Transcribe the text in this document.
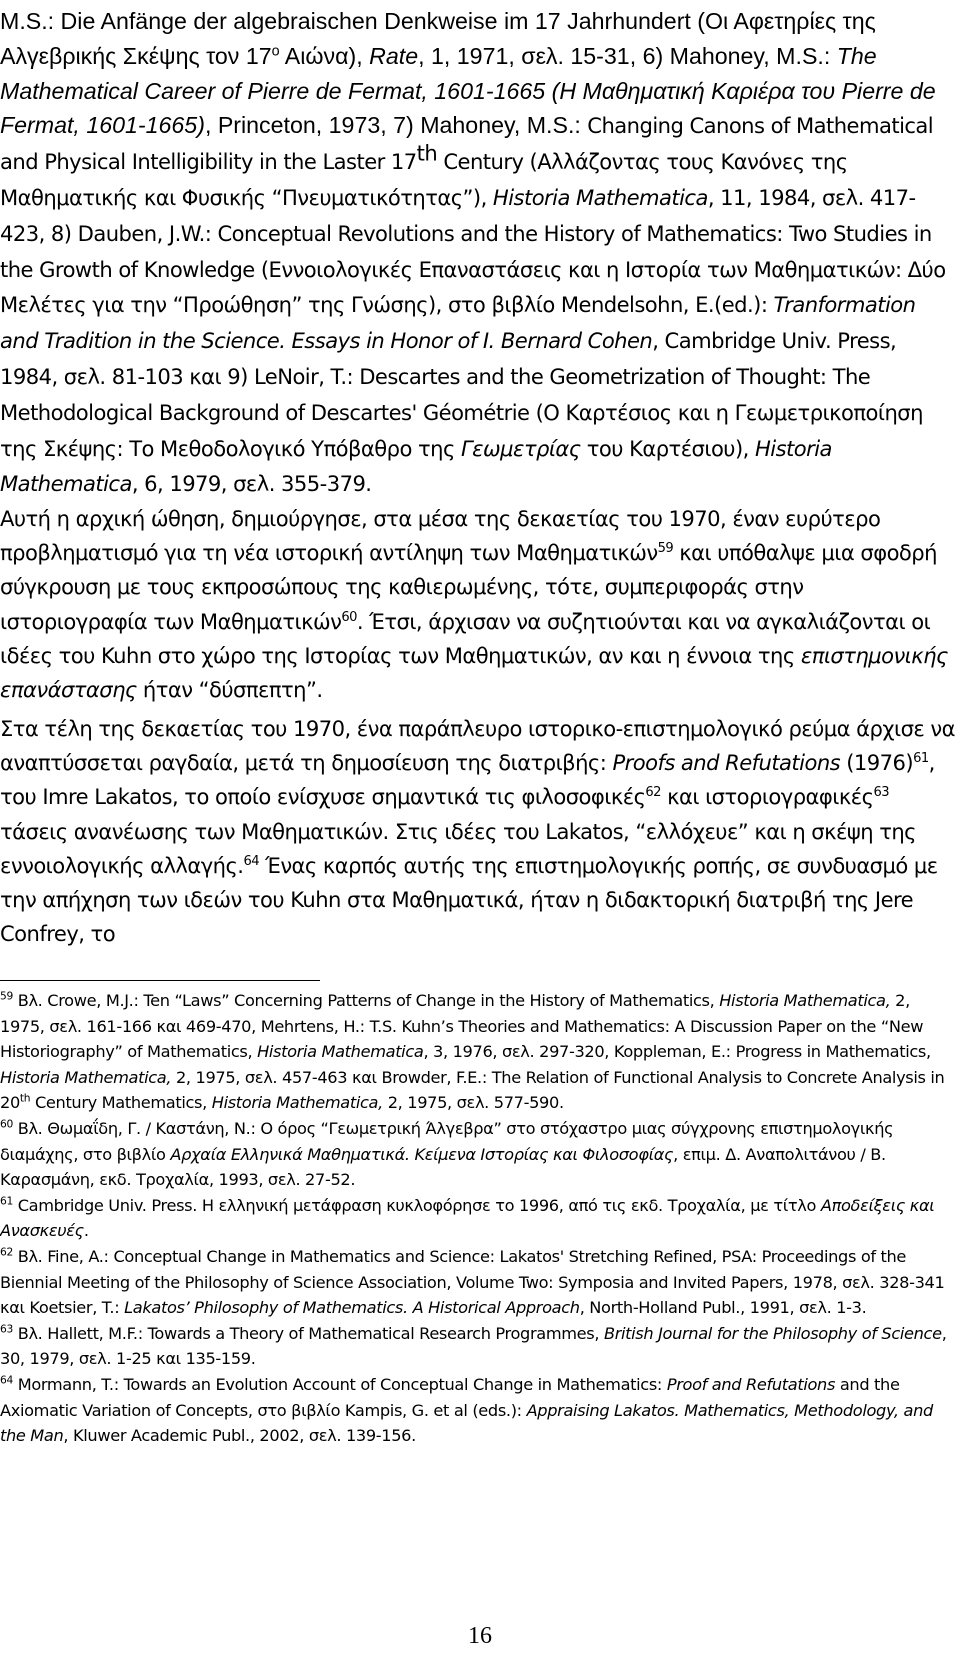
M.S.: Die Anfänge der algebraischen Denkweise im 17 Jahrhundert (Οι Αφετηρίες της Αλγεβρικής Σκέψης τον $17^o$ Αιώνα), Rate, 1, 1971, σελ. 15-31, 6) Mahoney, M.S.: The Mathematical Career of Pierre de Fermat, 1601-1665 (Η Μαθηματική Καριέρα του Pierre de Fermat, 1601-1665), Princeton, 1973, 7) Mahoney, M.S.: Changing Canons of Mathematical and Physical Intelligibility in the Laster 17th Century (Αλλάζοντας τους Κανόνες της Μαθηματικής και Φυσικής “Πνευματικότητας”), Historia Mathematica, 11, 1984, σελ. 417-423, 8) Dauben, J.W.: Conceptual Revolutions and the History of Mathematics: Two Studies in the Growth of Knowledge (Εννοιολογικές Επαναστάσεις και η Ιστορία των Μαθηματικών: Δύο Μελέτες για την “Προώθηση” της Γνώσης), στο βιβλίο Mendelsohn, E.(ed.): Tranformation and Tradition in the Science. Essays in Honor of I. Bernard Cohen, Cambridge Univ. Press, 1984, σελ. 81-103 και 9) LeNoir, T.: Descartes and the Geometrization of Thought: The Methodological Background of Descartes' Géométrie (Ο Καρτέσιος και η Γεωμετρικοποίηση της Σκέψης: Το Μεθοδολογικό Υπόβαθρο της Γεωμετρίας του Καρτέσιου), Historia Mathematica, 6, 1979, σελ. 355-379.

Αυτή η αρχική ώθηση, δημιούργησε, στα μέσα της δεκαετίας του 1970, έναν ευρύτερο προβληματισμό για τη νέα ιστορική αντίληψη των Μαθηματικών$^{59}$ και υπόθαλψε μια σφοδρή σύγκρουση με τους εκπροσώπους της καθιερωμένης, τότε, συμπεριφοράς στην ιστοριογραφία των Μαθηματικών$^{60}$. Έτσι, άρχισαν να συζητιούνται και να αγκαλιάζονται οι ιδέες του Kuhn στο χώρο της Ιστορίας των Μαθηματικών, αν και η έννοια της επιστημονικής επανάστασης ήταν “δύσπεπτη”.

Στα τέλη της δεκαετίας του 1970, ένα παράπλευρο ιστορικο-επιστημολογικό ρεύμα άρχισε να αναπτύσσεται ραγδαία, μετά τη δημοσίευση της διατριβής: Proofs and Refutations $(1976)^{61}$, του Imre Lakatos, το οποίο ενίσχυσε σημαντικά τις φιλοσοφικές$^{62}$ και ιστοριογραφικές$^{63}$ τάσεις ανανέωσης των Μαθηματικών. Στις ιδέες του Lakatos, “ελλόχευε” και η σκέψη της εννοιολογικής αλλαγής.$^{64}$ Ένας καρπός αυτής της επιστημολογικής ροπής, σε συνδυασμό με την απήχηση των ιδεών του Kuhn στα Μαθηματικά, ήταν η διδακτορική διατριβή της Jere Confrey, το

$^{59}$ Βλ. Crowe, M.J.: Ten “Laws” Concerning Patterns of Change in the History of Mathematics, Historia Mathematica, 2, 1975, σελ. 161-166 και 469-470, Mehrtens, H.: T.S. Kuhn’s Theories and Mathematics: A Discussion Paper on the “New Historiography” of Mathematics, Historia Mathematica, 3, 1976, σελ. 297-320, Koppleman, E.: Progress in Mathematics, Historia Mathematica, 2, 1975, σελ. 457-463 και Browder, F.E.: The Relation of Functional Analysis to Concrete Analysis in 20th Century Mathematics, Historia Mathematica, 2, 1975, σελ. 577-590.

$^{60}$ Βλ. Θωμαΐδη, Γ. / Καστάνη, Ν.: Ο όρος “Γεωμετρική Άλγεβρα” στο στόχαστρο μιας σύγχρονης επιστημολογικής διαμάχης, στο βιβλίο Αρχαία Ελληνικά Μαθηματικά. Κείμενα Ιστορίας και Φιλοσοφίας, επιμ. Δ. Αναπολιτάνου / Β. Καρασμάνη, εκδ. Τροχαλία, 1993, σελ. 27-52.

$^{61}$ Cambridge Univ. Press. Η ελληνική μετάφραση κυκλοφόρησε το 1996, από τις εκδ. Τροχαλία, με τίτλο Αποδείξεις και Ανασκευές.

$^{62}$ Βλ. Fine, A.: Conceptual Change in Mathematics and Science: Lakatos' Stretching Refined, PSA: Proceedings of the Biennial Meeting of the Philosophy of Science Association, Volume Two: Symposia and Invited Papers, 1978, σελ. 328-341 και Koetsier, T.: Lakatos’ Philosophy of Mathematics. A Historical Approach, North-Holland Publ., 1991, σελ. 1-3.

$^{63}$ Βλ. Hallett, M.F.: Towards a Theory of Mathematical Research Programmes, British Journal for the Philosophy of Science, 30, 1979, σελ. 1-25 και 135-159.

$^{64}$ Mormann, T.: Towards an Evolution Account of Conceptual Change in Mathematics: Proof and Refutations and the Axiomatic Variation of Concepts, στο βιβλίο Kampis, G. et al (eds.): Appraising Lakatos. Mathematics, Methodology, and the Man, Kluwer Academic Publ., 2002, σελ. 139-156.

16
